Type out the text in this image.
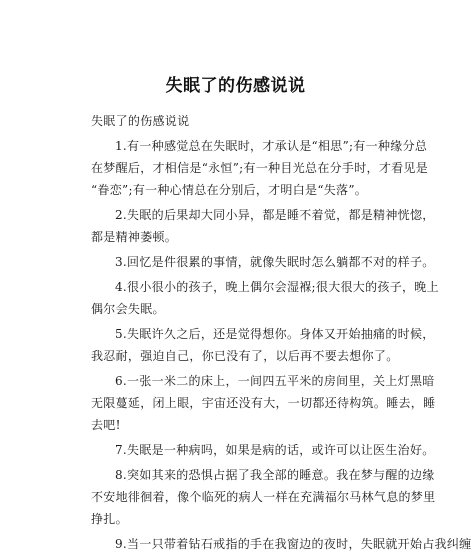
失眠了的伤感说说
失眠了的伤感说说
1.有一种感觉总在失眠时，才承认是“相思”;有一种缘分总
在梦醒后，才相信是“永恒”;有一种目光总在分手时，才看见是
“眷恋”;有一种心情总在分别后，才明白是“失落”。
2.失眠的后果却大同小异，都是睡不着觉，都是精神恍惚，
都是精神萎顿。
3.回忆是件很累的事情，就像失眠时怎么躺都不对的样子。
4.很小很小的孩子，晚上偶尔会湿褓;很大很大的孩子，晚上
偶尔会失眠。
5.失眠许久之后，还是觉得想你。身体又开始抽痛的时候，
我忍耐，强迫自己，你已没有了，以后再不要去想你了。
6.一张一米二的床上，一间四五平米的房间里，关上灯黑暗
无限蔓延，闭上眼，宇宙还没有大，一切都还待构筑。睡去，睡
去吧!
7.失眠是一种病吗，如果是病的话，或许可以让医生治好。
8.突如其来的恐惧占据了我全部的睡意。我在梦与醒的边缘
不安地徘徊着，像个临死的病人一样在充满福尔马林气息的梦里
挣扎。
9.当一只带着钻石戒指的手在我窗边的夜时，失眠就开始占我纠缠
